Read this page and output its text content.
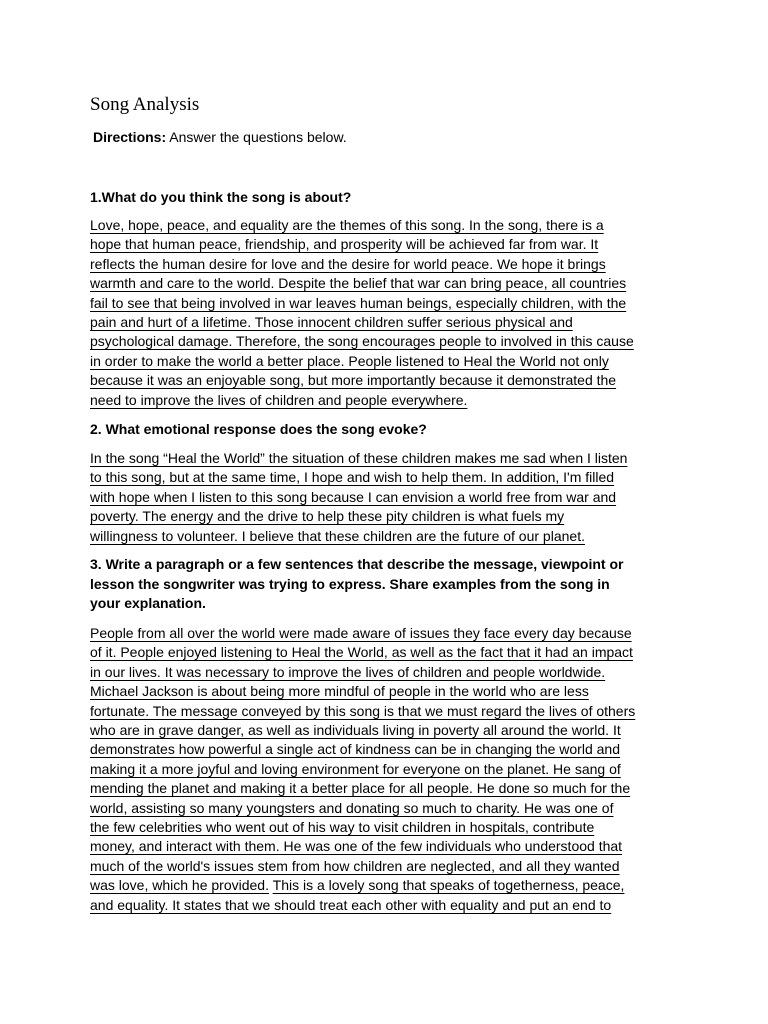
Song Analysis

Directions: Answer the questions below.

1.What do you think the song is about?

Love, hope, peace, and equality are the themes of this song. In the song, there is a
hope that human peace, friendship, and prosperity will be achieved far from war. It
reflects the human desire for love and the desire for world peace. We hope it brings
warmth and care to the world. Despite the belief that war can bring peace, all countries
fail to see that being involved in war leaves human beings, especially children, with the
pain and hurt of a lifetime. Those innocent children suffer serious physical and
psychological damage. Therefore, the song encourages people to involved in this cause
in order to make the world a better place. People listened to Heal the World not only
because it was an enjoyable song, but more importantly because it demonstrated the
need to improve the lives of children and people everywhere.

2. What emotional response does the song evoke?

In the song “Heal the World” the situation of these children makes me sad when I listen
to this song, but at the same time, I hope and wish to help them. In addition, I'm filled
with hope when I listen to this song because I can envision a world free from war and
poverty. The energy and the drive to help these pity children is what fuels my
willingness to volunteer. I believe that these children are the future of our planet.
3. Write a paragraph or a few sentences that describe the message, viewpoint or
lesson the songwriter was trying to express. Share examples from the song in
your explanation.
People from all over the world were made aware of issues they face every day because
of it. People enjoyed listening to Heal the World, as well as the fact that it had an impact
in our lives. It was necessary to improve the lives of children and people worldwide.
Michael Jackson is about being more mindful of people in the world who are less
fortunate. The message conveyed by this song is that we must regard the lives of others
who are in grave danger, as well as individuals living in poverty all around the world. It
demonstrates how powerful a single act of kindness can be in changing the world and
making it a more joyful and loving environment for everyone on the planet. He sang of
mending the planet and making it a better place for all people. He done so much for the
world, assisting so many youngsters and donating so much to charity. He was one of
the few celebrities who went out of his way to visit children in hospitals, contribute
money, and interact with them. He was one of the few individuals who understood that
much of the world's issues stem from how children are neglected, and all they wanted
was love, which he provided. This is a lovely song that speaks of togetherness, peace,
and equality. It states that we should treat each other with equality and put an end to
